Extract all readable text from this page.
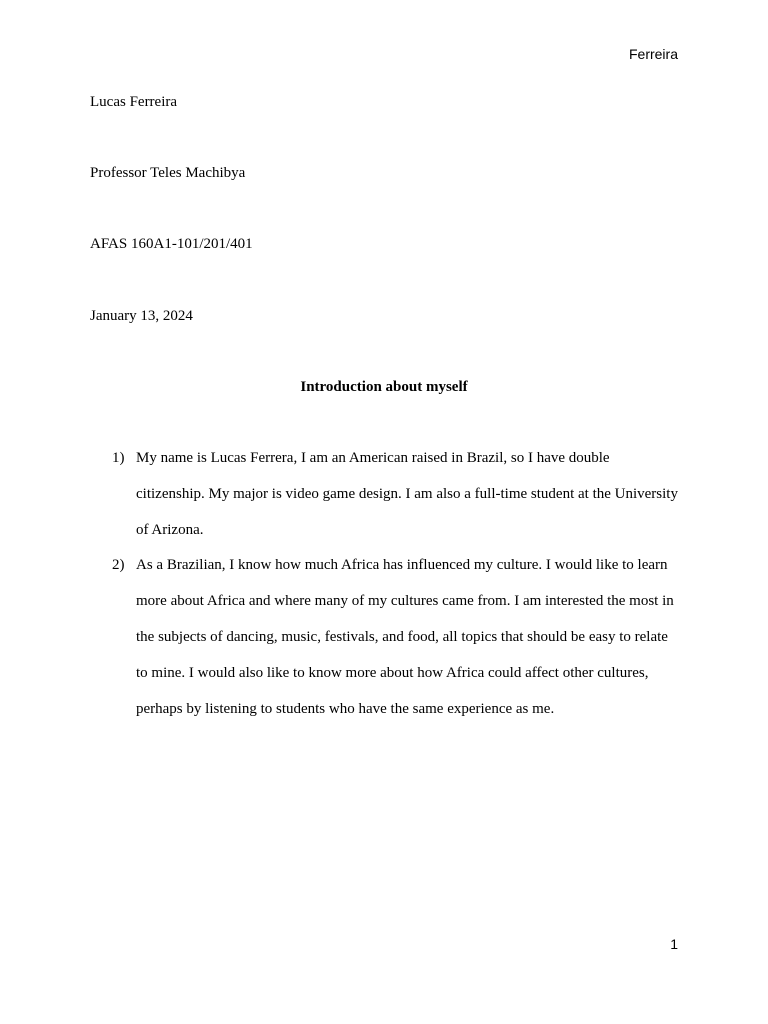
Ferreira
Lucas Ferreira
Professor Teles Machibya
AFAS 160A1-101/201/401
January 13, 2024
Introduction about myself
1) My name is Lucas Ferrera, I am an American raised in Brazil, so I have double citizenship. My major is video game design. I am also a full-time student at the University of Arizona.
2) As a Brazilian, I know how much Africa has influenced my culture. I would like to learn more about Africa and where many of my cultures came from. I am interested the most in the subjects of dancing, music, festivals, and food, all topics that should be easy to relate to mine. I would also like to know more about how Africa could affect other cultures, perhaps by listening to students who have the same experience as me.
1
